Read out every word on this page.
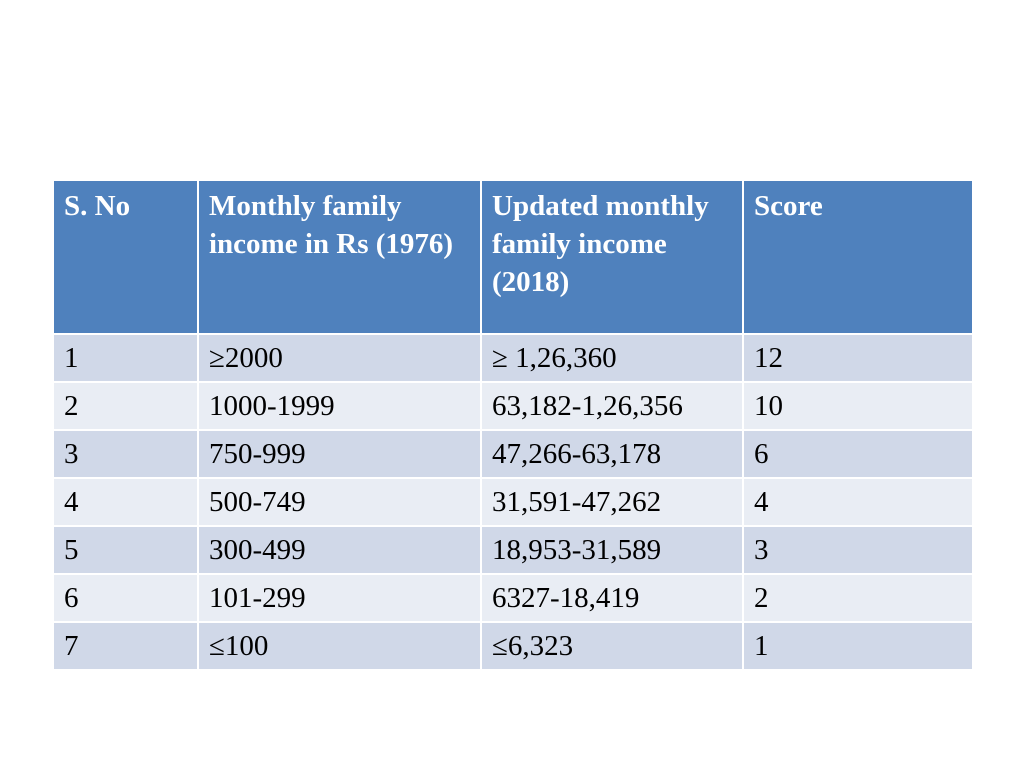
S. No	Monthly family income in Rs (1976)	Updated monthly family income (2018)	Score
1	≥2000	≥ 1,26,360	12
2	1000-1999	63,182-1,26,356	10
3	750-999	47,266-63,178	6
4	500-749	31,591-47,262	4
5	300-499	18,953-31,589	3
6	101-299	6327-18,419	2
7	≤100	≤6,323	1
